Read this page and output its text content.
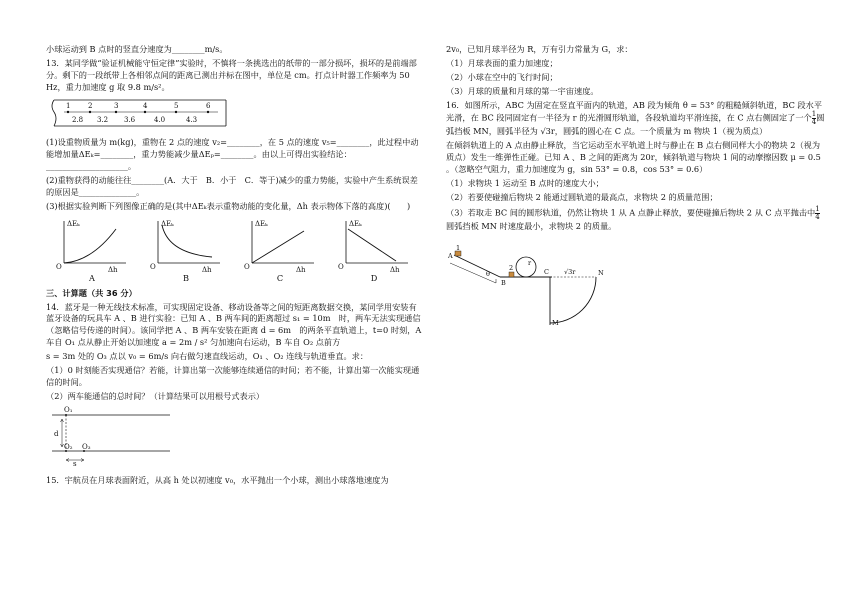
小球运动到 B 点时的竖直分速度为________m/s。

13．某同学做“验证机械能守恒定律”实验时，不慎将一条挑选出的纸带的一部分损坏，损坏的是前端部分。剩下的一段纸带上各相邻点间的距离已测出并标在图中，单位是 cm。打点计时器工作频率为 50 Hz，重力加速度 g 取 9.8 m/s²。

1	2	3	4	5	6
2.8 3.2 3.6	4.0	4.3

(1)设重物质量为 m(kg)，重物在 2 点的速度 v₂=________，在 5 点的速度 v₅=________，此过程中动能增加量ΔEₖ=________，重力势能减少量ΔEₚ=________。由以上可得出实验结论：____________________。

(2)重物获得的动能往往________(A．大于　B．小于　C．等于)减少的重力势能，实验中产生系统误差的原因是______________。

(3)根据实验判断下列图像正确的是(其中ΔEₖ表示重物动能的变化量，Δh 表示物体下落的高度)(　　)

ΔEₖ
Δh
O
A
ΔEₖ
Δh
O
B
ΔEₖ
Δh
O
C
ΔEₖ
Δh
O
D

三、计算题（共 36 分）

14．蓝牙是一种无线技术标准，可实现固定设备、移动设备等之间的短距离数据交换，某同学用安装有蓝牙设备的玩具车 A 、B 进行实验：已知 A 、B 两车间的距离超过 s₁ = 10m　时，两车无法实现通信（忽略信号传递的时间）。该同学把 A 、B 两车安装在距离 d = 6m　的两条平直轨道上，t=0 时刻，A 车自 O₁ 点从静止开始以加速度 a = 2m / s² 匀加速向右运动，B 车自 O₂ 点前方

s = 3m 处的 O₃ 点以 v₀ = 6m/s 向右做匀速直线运动，O₁ 、O₂ 连线与轨道垂直。求：

（1）0 时刻能否实现通信？若能，计算出第一次能够连续通信的时间；若不能，计算出第一次能实现通信的时间。

（2）两车能通信的总时间？（计算结果可以用根号式表示）

O₁
d
O₂ O₃
s

15．宇航员在月球表面附近，从高 h 处以初速度 v₀，水平抛出一个小球，测出小球落地速度为

2v₀，已知月球半径为 R，万有引力常量为 G，求：

（1）月球表面的重力加速度；

（2）小球在空中的飞行时间；

（3）月球的质量和月球的第一宇宙速度。

16．如图所示，ABC 为固定在竖直平面内的轨道，AB 段为倾角 θ = 53° 的粗糙倾斜轨道，BC 段水平光滑，在 BC 段同固定有一半径为 r 的光滑圆形轨道，各段轨道均平滑连接，在 C 点右侧固定了一个 $\frac{1}{4}$ 圆弧挡板 MN，圆弧半径为 √3r，圆弧的圆心在 C 点。一个质量为 m 物块 1（视为质点）

在倾斜轨道上的 A 点由静止释放，当它运动至水平轨道上时与静止在 B 点右侧同样大小的物块 2（视为质点）发生一维弹性正碰。已知 A 、B 之间的距离为 20r，倾斜轨道与物块 1 间的动摩擦因数 μ = 0.5 。（忽略空气阻力，重力加速度为 g，sin 53° = 0.8，cos 53° = 0.6）

（1）求物块 1 运动至 B 点时的速度大小；

（2）若要使碰撞后物块 2 能通过圆轨道的最高点，求物块 2 的质量范围；

（3）若取走 BC 间的圆形轨道，仍然让物块 1 从 A 点静止释放，要使碰撞后物块 2 从 C 点平抛击中 $\frac{1}{4}$
圆弧挡板 MN 时速度最小，求物块 2 的质量。

A
1
θ
B
2	C √3r	N
M
r
